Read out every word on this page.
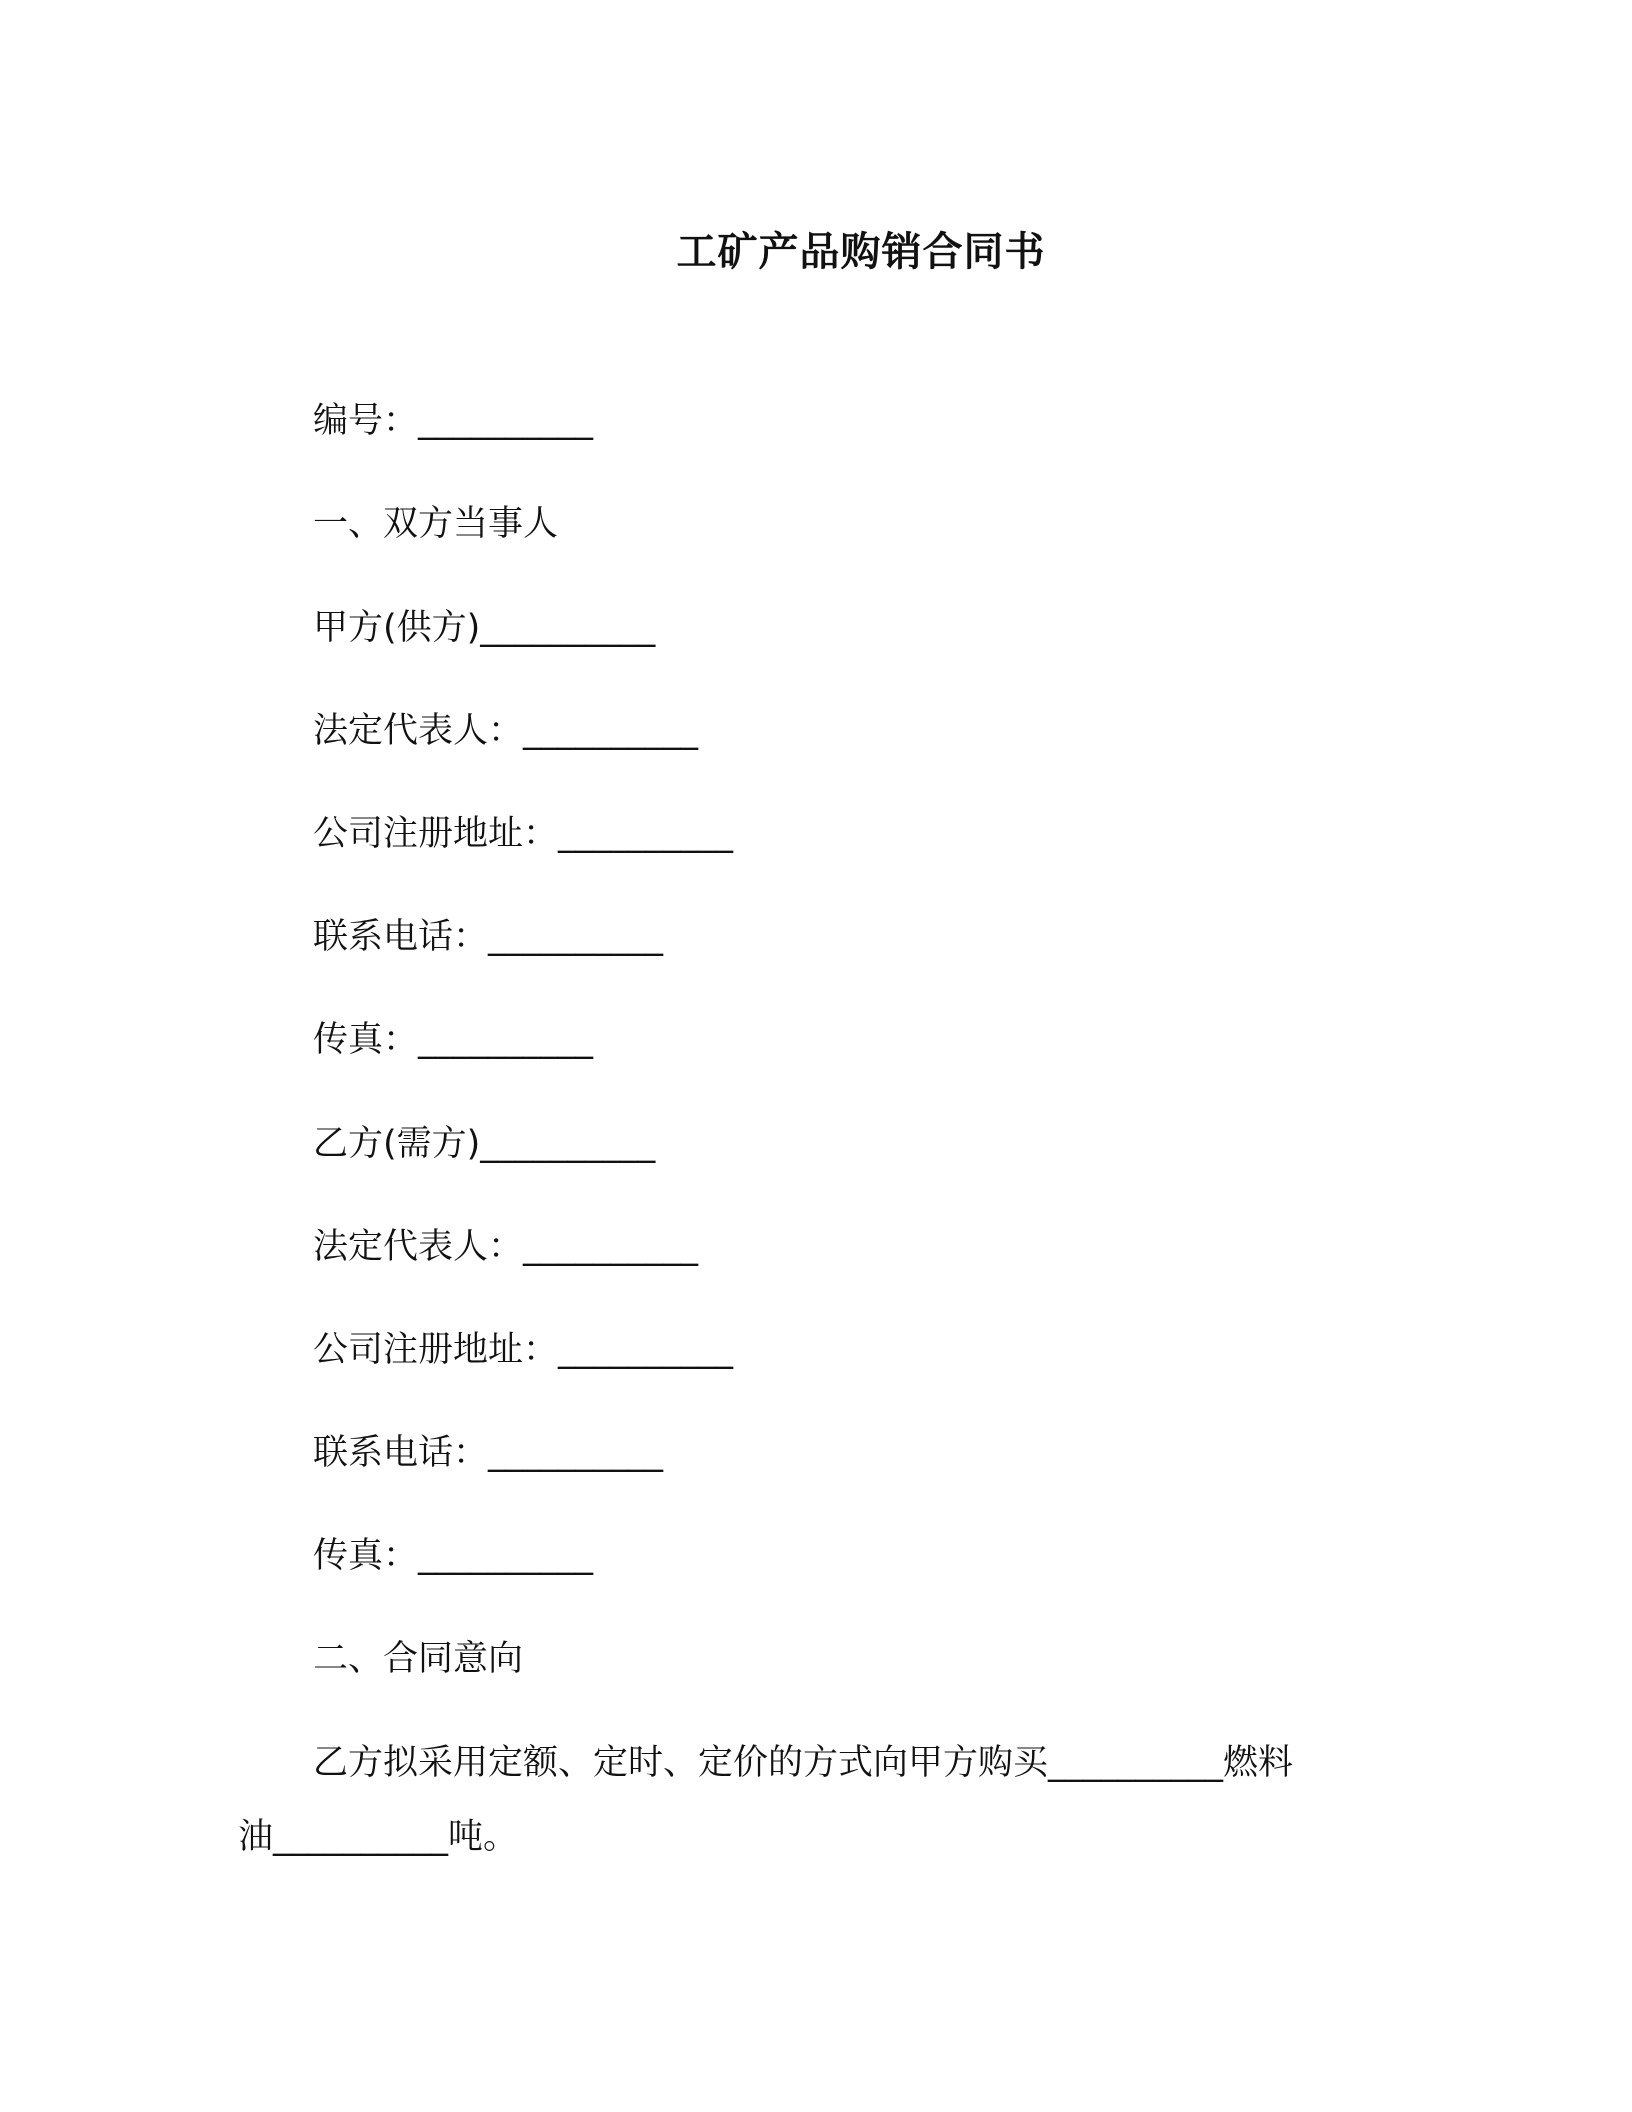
工矿产品购销合同书
编号：__________
一、双方当事人
甲方(供方)__________
法定代表人：__________
公司注册地址：__________
联系电话：__________
传真：__________
乙方(需方)__________
法定代表人：__________
公司注册地址：__________
联系电话：__________
传真：__________
二、合同意向
乙方拟采用定额、定时、定价的方式向甲方购买__________燃料
油__________吨。
